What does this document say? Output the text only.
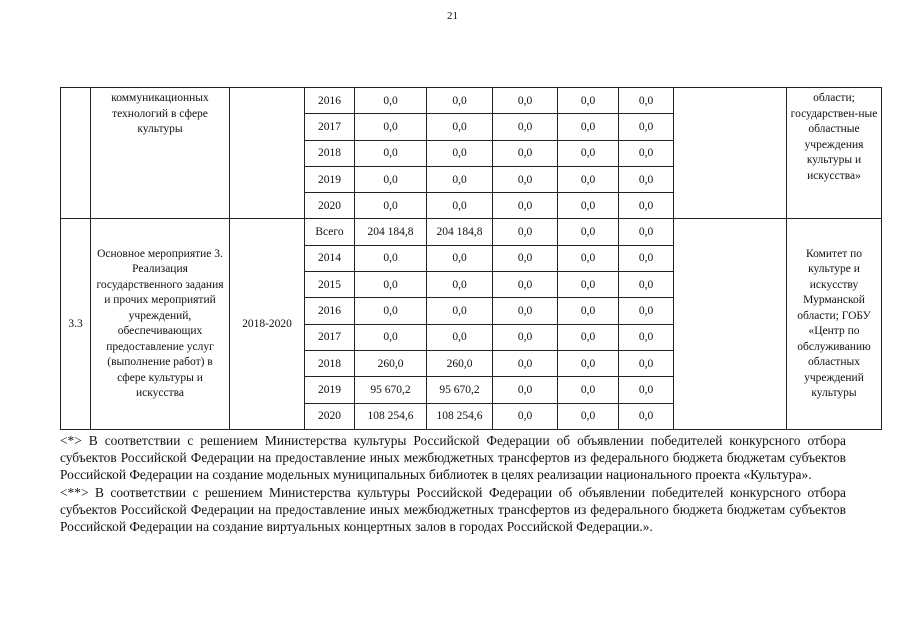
21
	коммуникационных технологий в сфере культуры		2016	0,0	0,0	0,0	0,0	0,0		области; государствен-ные областные учреждения культуры и искусства»
			2017	0,0	0,0	0,0	0,0	0,0		
			2018	0,0	0,0	0,0	0,0	0,0		
			2019	0,0	0,0	0,0	0,0	0,0		
			2020	0,0	0,0	0,0	0,0	0,0		
3.3	Основное мероприятие 3. Реализация государственного задания и прочих мероприятий учреждений, обеспечивающих предоставление услуг (выполнение работ) в сфере культуры и искусства	2018-2020	Всего	204 184,8	204 184,8	0,0	0,0	0,0		Комитет по культуре и искусству Мурманской области; ГОБУ «Центр по обслуживанию областных учреждений культуры
			2014	0,0	0,0	0,0	0,0	0,0		
			2015	0,0	0,0	0,0	0,0	0,0		
			2016	0,0	0,0	0,0	0,0	0,0		
			2017	0,0	0,0	0,0	0,0	0,0		
			2018	260,0	260,0	0,0	0,0	0,0		
			2019	95 670,2	95 670,2	0,0	0,0	0,0		
			2020	108 254,6	108 254,6	0,0	0,0	0,0		

<*> В соответствии с решением Министерства культуры Российской Федерации об объявлении победителей конкурсного отбора субъектов Российской Федерации на предоставление иных межбюджетных трансфертов из федерального бюджета бюджетам субъектов Российской Федерации на создание модельных муниципальных библиотек в целях реализации национального проекта «Культура».

<**> В соответствии с решением Министерства культуры Российской Федерации об объявлении победителей конкурсного отбора субъектов Российской Федерации на предоставление иных межбюджетных трансфертов из федерального бюджета бюджетам субъектов Российской Федерации на создание виртуальных концертных залов в городах Российской Федерации.».
